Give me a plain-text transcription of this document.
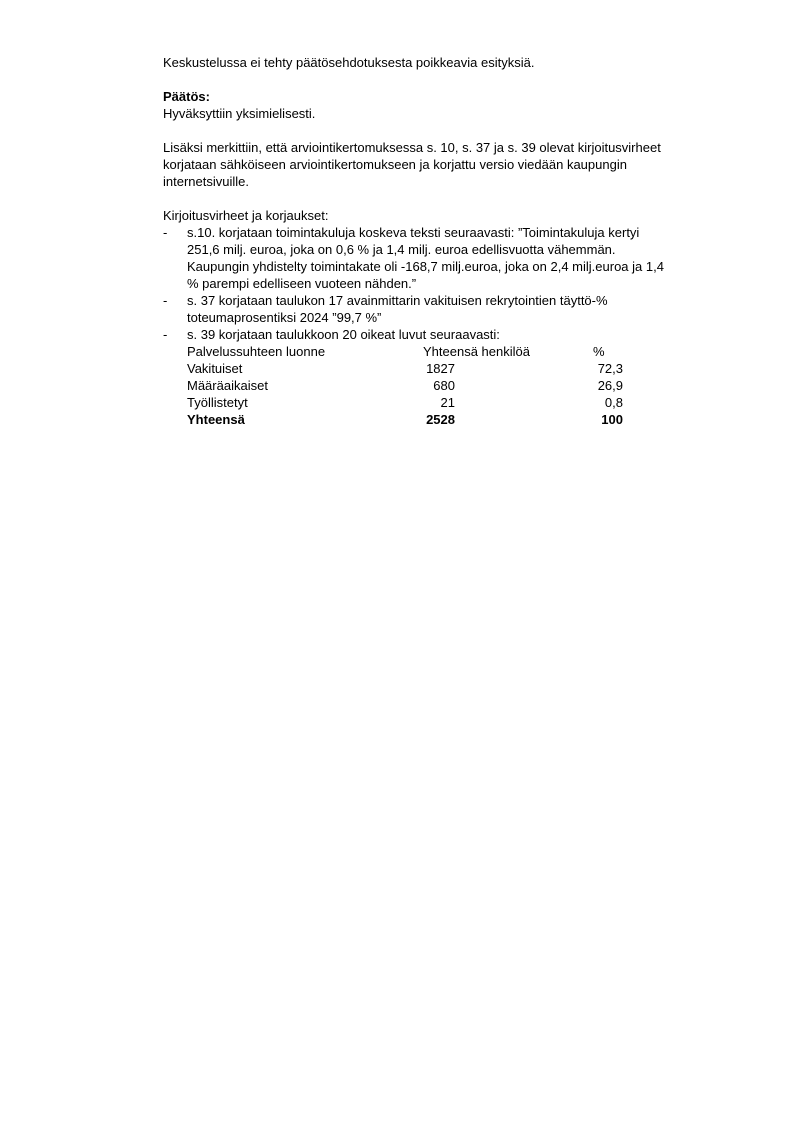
Keskustelussa ei tehty päätösehdotuksesta poikkeavia esityksiä.

Päätös:

Hyväksyttiin yksimielisesti.

Lisäksi merkittiin, että arviointikertomuksessa s. 10, s. 37 ja s. 39 olevat kirjoitusvirheet

korjataan sähköiseen arviointikertomukseen ja korjattu versio viedään kaupungin

internetsivuille.

Kirjoitusvirheet ja korjaukset:

- s.10. korjataan toimintakuluja koskeva teksti seuraavasti: ”Toimintakuluja kertyi

251,6 milj. euroa, joka on 0,6 % ja 1,4 milj. euroa edellisvuotta vähemmän.

Kaupungin yhdistelty toimintakate oli -168,7 milj.euroa, joka on 2,4 milj.euroa ja 1,4

% parempi edelliseen vuoteen nähden.”

- s. 37 korjataan taulukon 17 avainmittarin vakituisen rekrytointien täyttö-%

toteumaprosentiksi 2024 ”99,7 %”

- s. 39 korjataan taulukkoon 20 oikeat luvut seuraavasti:

Palvelussuhteen luonne	Yhteensä henkilöä		%
Vakituiset	1827		72,3
Määräaikaiset	680		26,9
Työllistetyt	21		0,8
Yhteensä	2528		100
